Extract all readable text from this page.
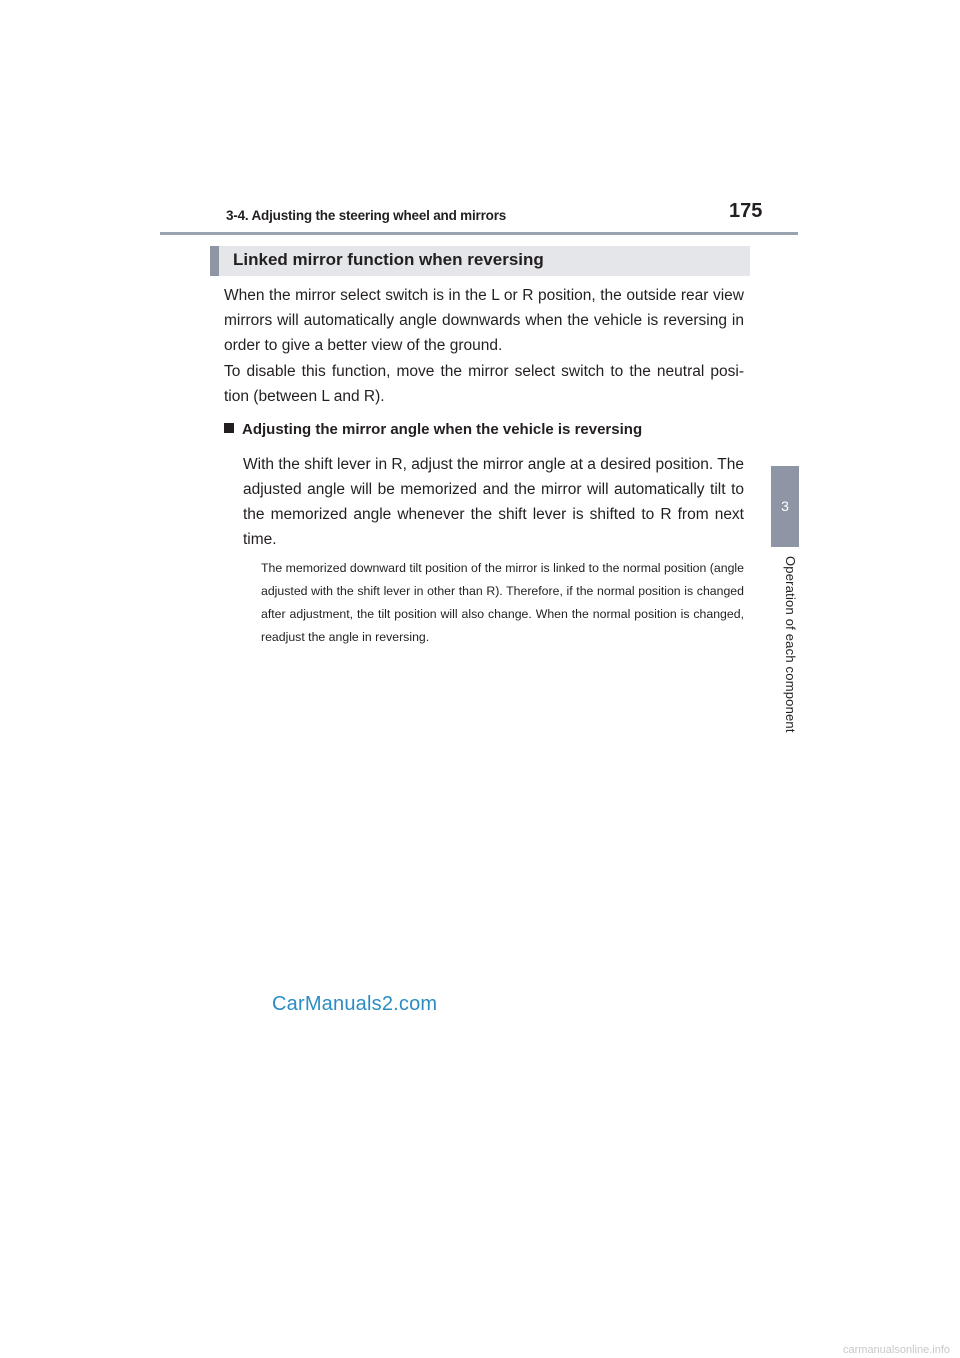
3-4. Adjusting the steering wheel and mirrors	175
3
Operation of each component
Linked mirror function when reversing

When the mirror select switch is in the L or R position, the outside rear view mirrors will automatically angle downwards when the vehicle is reversing in order to give a better view of the ground.

To disable this function, move the mirror select switch to the neutral posi-tion (between L and R).

Adjusting the mirror angle when the vehicle is reversing

With the shift lever in R, adjust the mirror angle at a desired position. The adjusted angle will be memorized and the mirror will automatically tilt to the memorized angle whenever the shift lever is shifted to R from next time.

The memorized downward tilt position of the mirror is linked to the normal position (angle adjusted with the shift lever in other than R). Therefore, if the normal position is changed after adjustment, the tilt position will also change. When the normal position is changed, readjust the angle in reversing.

CarManuals2.com
carmanualsonline.info
